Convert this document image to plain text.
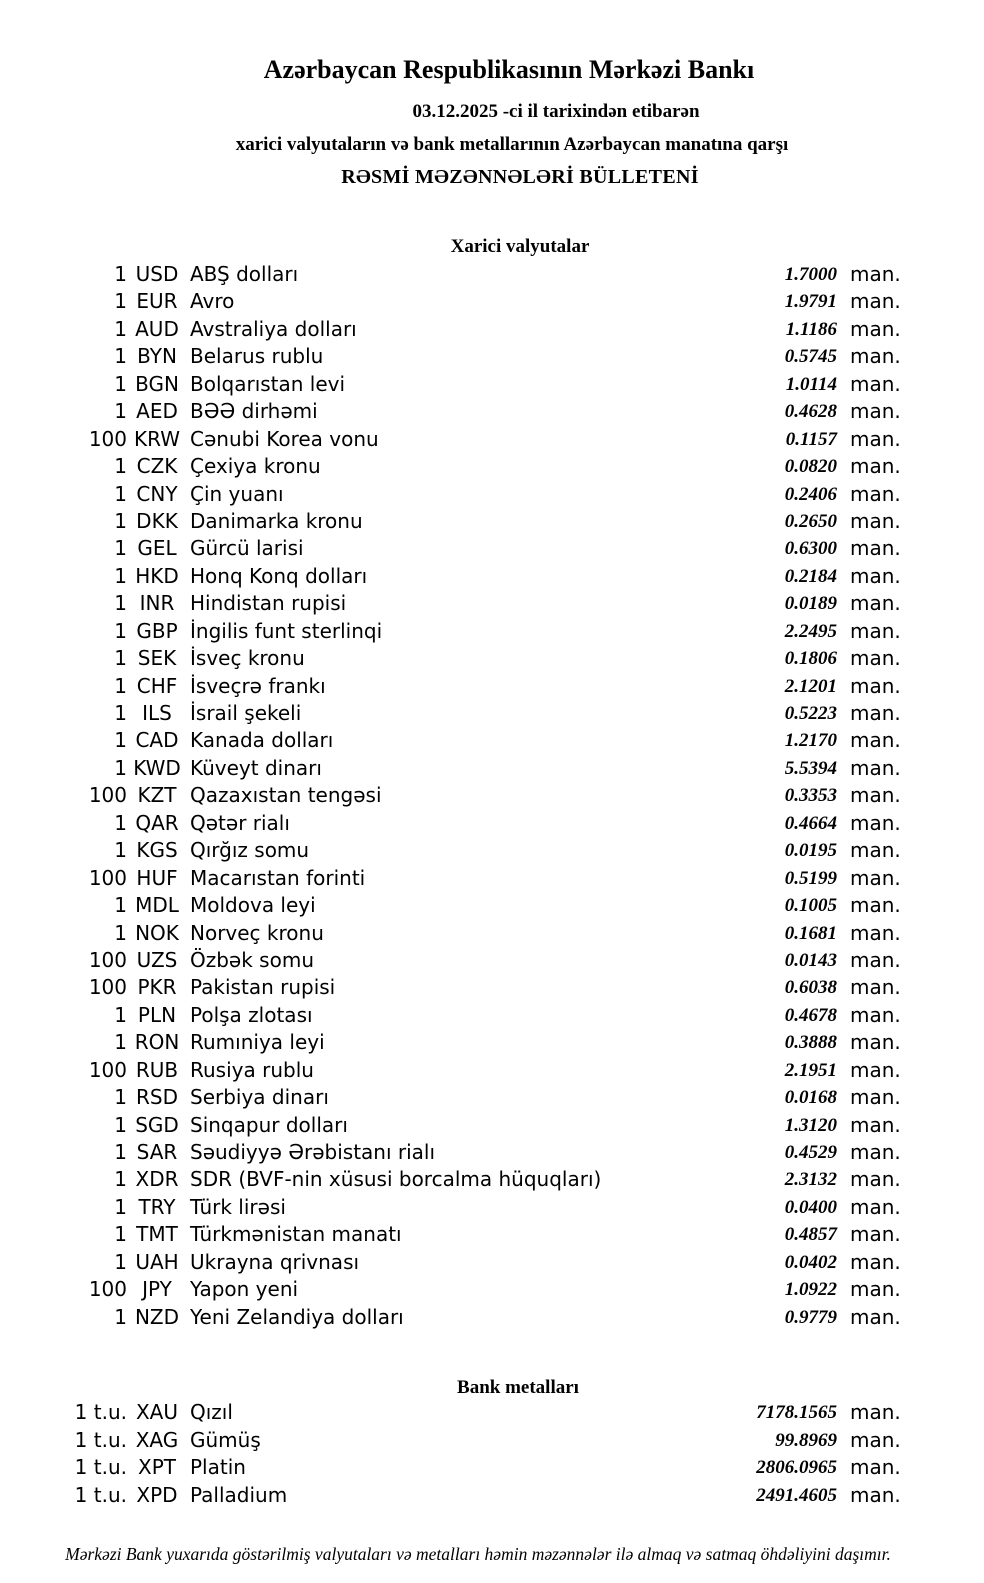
Azərbaycan Respublikasının Mərkəzi Bankı
03.12.2025 -ci il tarixindən etibarən
xarici valyutaların və bank metallarının Azərbaycan manatına qarşı
RƏSMİ MƏZƏNNƏLƏRİ BÜLLETENİ
Xarici valyutalar
1 USD ABŞ dolları	1.7000 man.
1 EUR Avro	1.9791 man.
1 AUD Avstraliya dolları	1.1186 man.
1 BYN Belarus rublu	0.5745 man.
1 BGN Bolqarıstan levi	1.0114 man.
1 AED BƏƏ dirhəmi	0.4628 man.
100 KRW Cənubi Korea vonu	0.1157 man.
1 CZK Çexiya kronu	0.0820 man.
1 CNY Çin yuanı	0.2406 man.
1 DKK Danimarka kronu	0.2650 man.
1 GEL Gürcü larisi	0.6300 man.
1 HKD Honq Konq dolları	0.2184 man.
1 INR Hindistan rupisi	0.0189 man.
1 GBP İngilis funt sterlinqi	2.2495 man.
1 SEK İsveç kronu	0.1806 man.
1 CHF İsveçrə frankı	2.1201 man.
1 ILS İsrail şekeli	0.5223 man.
1 CAD Kanada dolları	1.2170 man.
1 KWD Küveyt dinarı	5.5394 man.
100 KZT Qazaxıstan tengəsi	0.3353 man.
1 QAR Qətər rialı	0.4664 man.
1 KGS Qırğız somu	0.0195 man.
100 HUF Macarıstan forinti	0.5199 man.
1 MDL Moldova leyi	0.1005 man.
1 NOK Norveç kronu	0.1681 man.
100 UZS Özbək somu	0.0143 man.
100 PKR Pakistan rupisi	0.6038 man.
1 PLN Polşa zlotası	0.4678 man.
1 RON Rumıniya leyi	0.3888 man.
100 RUB Rusiya rublu	2.1951 man.
1 RSD Serbiya dinarı	0.0168 man.
1 SGD Sinqapur dolları	1.3120 man.
1 SAR Səudiyyə Ərəbistanı rialı	0.4529 man.
1 XDR SDR (BVF-nin xüsusi borcalma hüquqları)	2.3132 man.
1 TRY Türk lirəsi	0.0400 man.
1 TMT Türkmənistan manatı	0.4857 man.
1 UAH Ukrayna qrivnası	0.0402 man.
100 JPY Yapon yeni	1.0922 man.
1 NZD Yeni Zelandiya dolları	0.9779 man.
Bank metalları
1 t.u. XAU Qızıl	7178.1565 man.
1 t.u. XAG Gümüş	99.8969 man.
1 t.u. XPT Platin	2806.0965 man.
1 t.u. XPD Palladium	2491.4605 man.
Mərkəzi Bank yuxarıda göstərilmiş valyutaları və metalları həmin məzənnələr ilə almaq və satmaq öhdəliyini daşımır.
